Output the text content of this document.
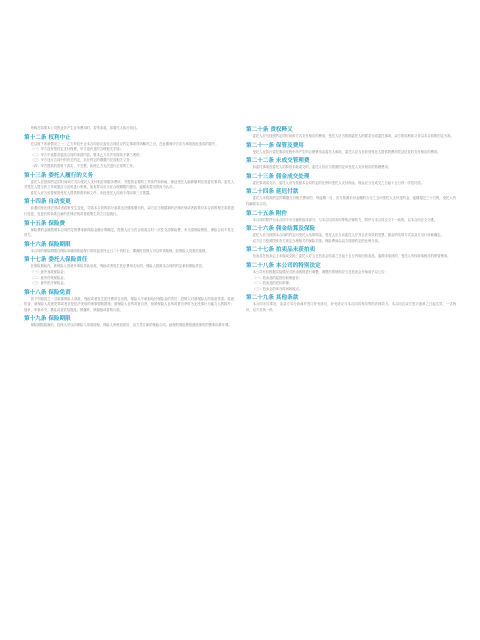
所称在如果本公司的业务产生业务费用时，若等条款，如果代人执行项目。

第十二条 权利中止

在以面下所叙情况之一，乙方有权中止本合同协议直至合同协议约定事项得到解决之日，在此期间甲方应当承担因此造成的损失；

（一）甲方没有按约定支付保费，甲方没有及时办理相关手续；

（二）甲方中途要求更改合同的条款内容，要求乙方另外安排给予第三者的；

（三）甲方违反合同中的有关约定，未在约定的期限内完成相关义务；

（四）甲方提供的资料不真实、不完整，致使乙方无法进行正常的工作。

第十三条 委托人履行的义务

委托人应按照约定的时间和方式向受托人支付相应的服务费用，并提供必要的工作条件和协助，保证受托人能够顺利完成委托事项。委托人对受托人提交的工作成果应当及时进行审核，如有异议应当在合理期限内提出，逾期未提出的视为认可。

委托人应当妥善保管受托人提供的资料和文件，未经受托人同意不得向第三方披露。

第十四条 自动变更

如遇国家法律法规或者政策发生变化，导致本合同的部分条款无法继续履行的，双方应当根据新的法律法规或者政策对本合同的相关条款进行变更，变更后的条款自新的法律法规或者政策生效之日起施行。

第十五条 保险费

保险费的金额按照本合同约定的费率和保险金额计算确定，投保人应当在合同成立时一次性交清保险费，未交清保险费的，保险合同不发生效力。

第十六条 保险期限

本合同的保险期限自保险单载明的起保日零时起至终止日二十四时止，期满时投保人可以申请续保，经保险人同意后续保。

第十七条 委托人保险责任

在保险期间内，被保险人因意外事故导致身故、残疾或者发生医疗费用支出的，保险人按照本合同的约定承担保险责任。

（一）意外身故保险金；

（二）意外伤残保险金；

（三）意外医疗保险金。

第十八条 保险免责

因下列原因之一导致被保险人身故、残疾或者发生医疗费用支出的，保险人不承担给付保险金的责任：投保人对被保险人的故意杀害、故意伤害；被保险人故意犯罪或者抗拒依法采取的刑事强制措施；被保险人自伤或者自杀，但被保险人自伤或者自杀时为无民事行为能力人的除外；战争、军事冲突、暴乱或者武装叛乱；核爆炸、核辐射或者核污染。

第十九条 保险期限

保险期限届满后，投保人可以向保险人申请续保，保险人审核同意后，双方签订新的保险合同，续保的保险费按照续保时的费率标准计算。

第二十条 责权释义

委托人应当按照约定的时间和方式支付相应的费用，受托人应当按照委托人的要求完成委托事项，双方的权利和义务以本合同的约定为准。

第二十一条 保管及费用

受托人在执行委托事项过程中所产生的合理费用由委托人承担，委托人应当在收到受托人提供的费用凭证后及时支付相应的费用。

第二十二条 未成交管理费

如委托事项因委托人的原因未能成交的，委托人仍应当按照约定向受托人支付相应的管理费用。

第二十三条 佣金成交处理

委托事项成交后，委托人应当按照本合同约定的比例向受托人支付佣金，佣金应当在成交之日起十五日内一次性付清。

第二十四条 延迟付款

委托人未按照约定的期限支付相关费用的，每逾期一日，应当按照未付金额的万分之五向受托人支付违约金，逾期超过三十日的，受托人有权解除本合同。

第二十五条 附件

本合同的附件为本合同不可分割的组成部分，与本合同具有同等的法律效力，附件与本合同正文不一致的，以本合同正文为准。

第二十六条 佣金结算及保险

委托人应当按照本合同的约定向受托人结算佣金，受托人应当向委托人开具合法有效的发票，佣金的结算方式由双方另行协商确定。

双方应当按照国家有关规定办理相关的保险手续，保险费用由双方按照约定的比例分担。

第二十七条 拍卖品未获拍卖

拍卖品在拍卖会上未能成交的，委托人应当在拍卖会结束之日起十五日内取回拍卖品，逾期未取回的，受托人有权收取相应的保管费用。

第二十八条 本公司的特别法定

本公司有权根据实际情况对拍卖规则进行调整，调整后的规则应当在拍卖会开始前予以公告：

（一）拍卖品的起拍价和保留价；

（二）拍卖品的竞价阶梯；

（三）拍卖会的举办时间和地点。

第二十九条 其他条款

本合同未尽事宜，由双方另行协商并签订补充协议，补充协议与本合同具有同等的法律效力。本合同自双方签字盖章之日起生效，一式两份，双方各执一份。
